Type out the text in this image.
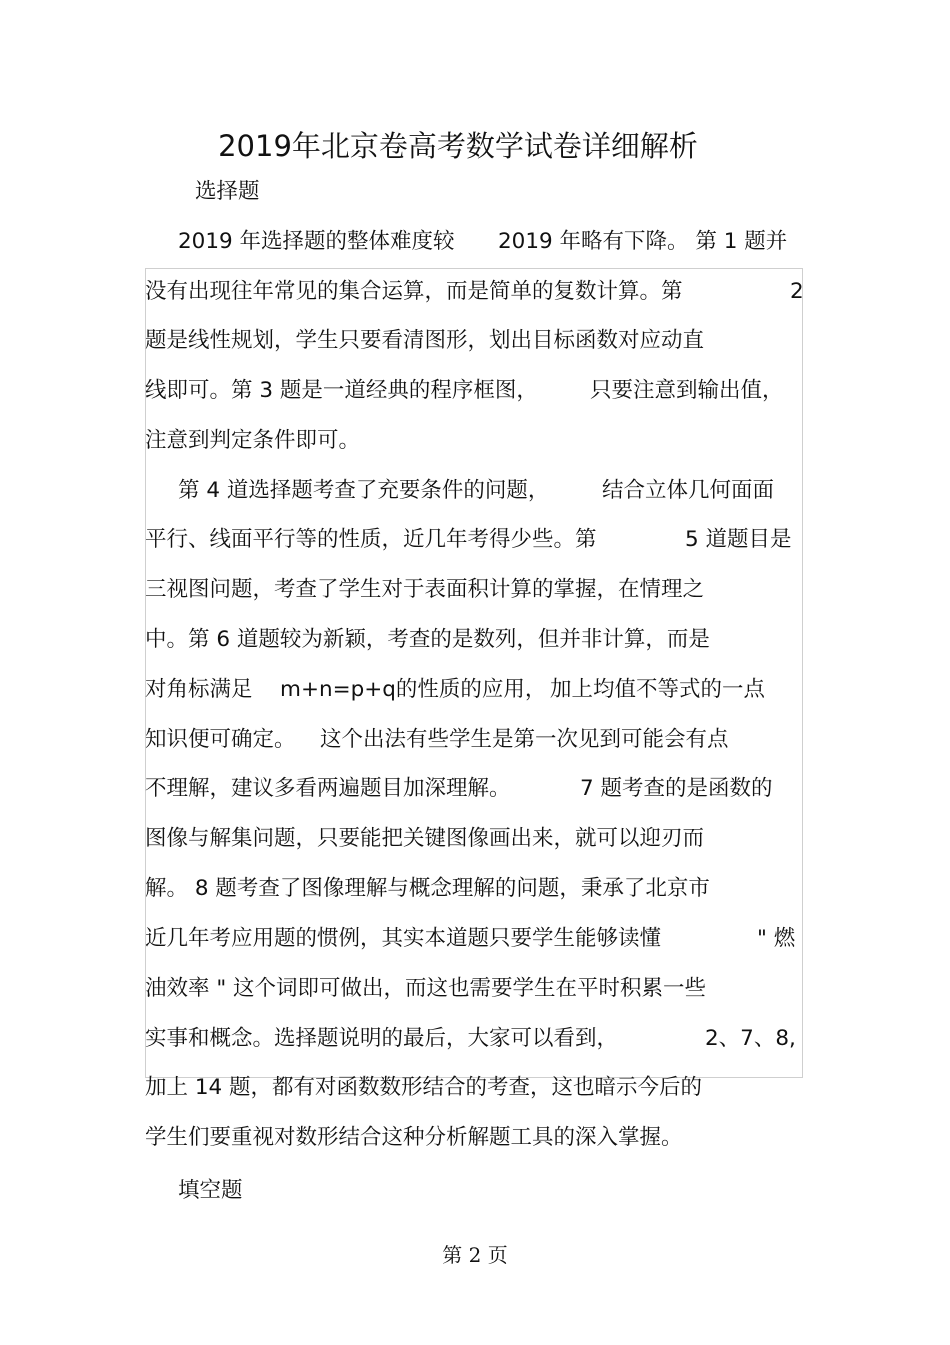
2019年北京卷高考数学试卷详细解析
选择题
2019 年选择题的整体难度较 2019 年略有下降。 第 1 题并
没有出现往年常见的集合运算，而是简单的复数计算。第	2
题是线性规划，学生只要看清图形，划出目标函数对应动直
线即可。第 3 题是一道经典的程序框图， 只要注意到输出值，
注意到判定条件即可。
第 4 道选择题考查了充要条件的问题， 结合立体几何面面
平行、线面平行等的性质，近几年考得少些。第	5 道题目是
三视图问题，考查了学生对于表面积计算的掌握，在情理之
中。第 6 道题较为新颖，考查的是数列，但并非计算，而是
对角标满足 m+n=p+q的性质的应用， 加上均值不等式的一点
知识便可确定。 这个出法有些学生是第一次见到可能会有点
不理解，建议多看两遍题目加深理解。	7 题考查的是函数的
图像与解集问题，只要能把关键图像画出来，就可以迎刃而
解。 8 题考查了图像理解与概念理解的问题，秉承了北京市
近几年考应用题的惯例，其实本道题只要学生能够读懂	" 燃
油效率 " 这个词即可做出，而这也需要学生在平时积累一些
实事和概念。选择题说明的最后，大家可以看到，	2、7、8,
加上 14 题，都有对函数数形结合的考查，这也暗示今后的
学生们要重视对数形结合这种分析解题工具的深入掌握。
填空题
第 2 页
